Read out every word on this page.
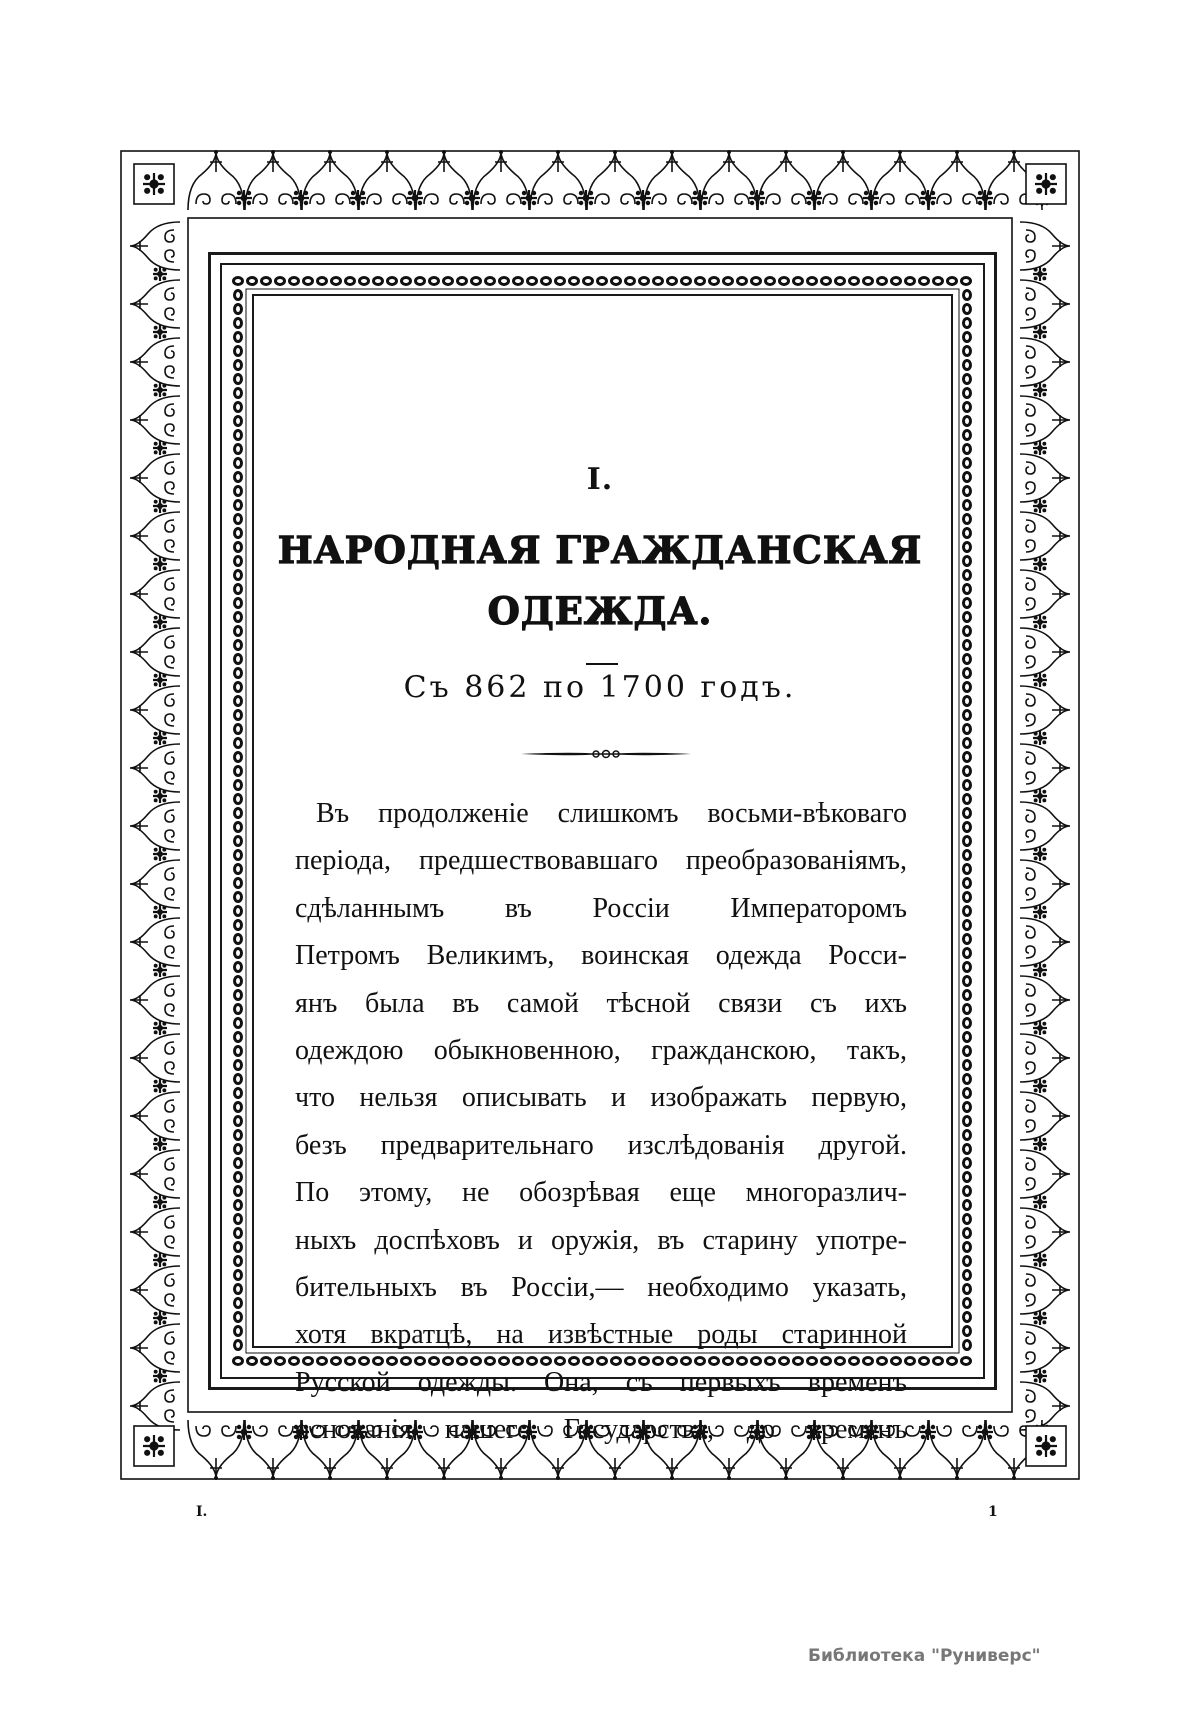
I.
НАРОДНАЯ ГРАЖДАНСКАЯ
ОДЕЖДА.
Съ 862 по 1700 годъ.
Въ продолженіе слишкомъ восьми-вѣковаго
періода, предшествовавшаго преобразованіямъ,
сдѣланнымъ въ Россіи Императоромъ
Петромъ Великимъ, воинская одежда Росси-
янъ была въ самой тѣсной связи съ ихъ
одеждою обыкновенною, гражданскою, такъ,
что нельзя описывать и изображать первую,
безъ предварительнаго изслѣдованія другой.
По этому, не обозрѣвая еще многоразлич-
ныхъ доспѣховъ и оружія, въ старину употре-
бительныхъ въ Россіи,— необходимо указать,
хотя вкратцѣ, на извѣстные роды старинной
Русской одежды. Она, съ первыхъ временъ
основанія нашего Государства, до временъ
I.	1
Библиотека "Руниверс"
